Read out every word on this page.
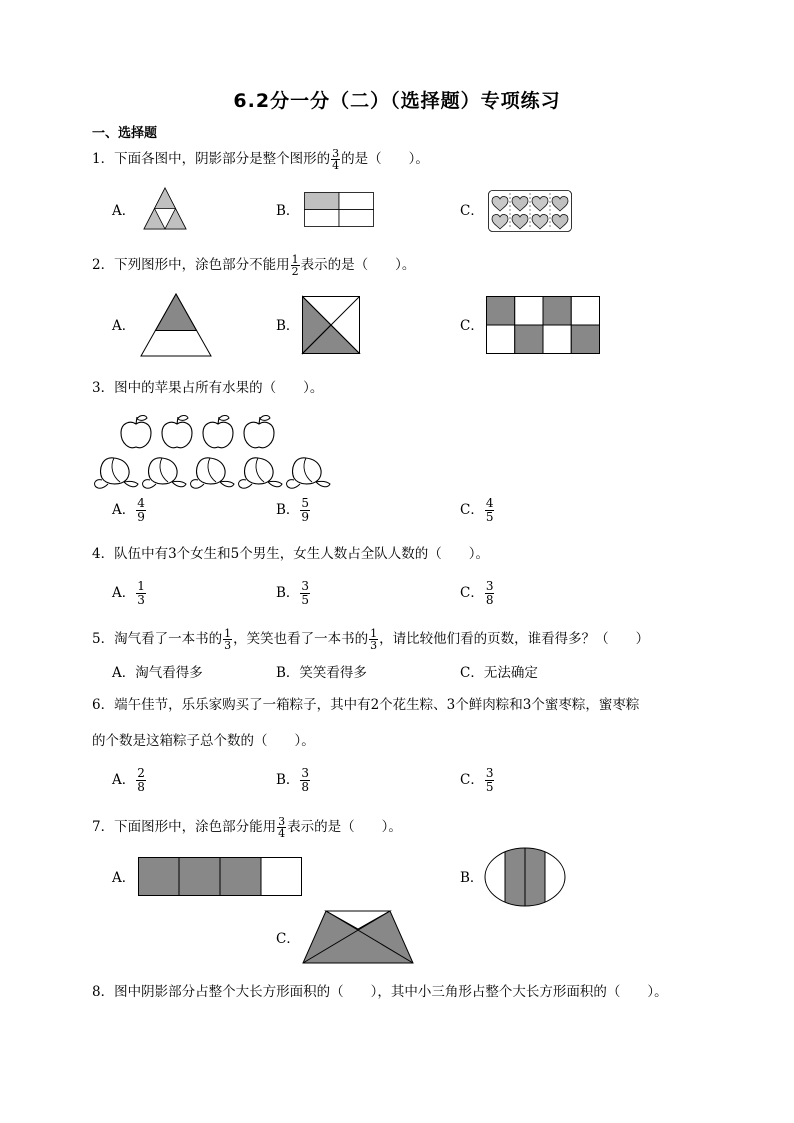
6.2分一分（二）（选择题）专项练习
一、选择题
1．下面各图中，阴影部分是整个图形的 $\frac{3}{4}$ 的是（　　）。
A．	B．	C．
2．下列图形中，涂色部分不能用 $\frac{1}{2}$ 表示的是（　　）。
A．	B．	C．
3．图中的苹果占所有水果的（　　）。
A． $\frac{4}{9}$	B． $\frac{5}{9}$	C． $\frac{4}{5}$
4．队伍中有3个女生和5个男生，女生人数占全队人数的（　　）。
A． $\frac{1}{3}$	B． $\frac{3}{5}$	C． $\frac{3}{8}$
5．淘气看了一本书的 $\frac{1}{3}$ ，笑笑也看了一本书的 $\frac{1}{3}$ ，请比较他们看的页数，谁看得多？（　　）
A．淘气看得多	B．笑笑看得多	C．无法确定
6．端午佳节，乐乐家购买了一箱粽子，其中有2个花生粽、3个鲜肉粽和3个蜜枣粽，蜜枣粽
的个数是这箱粽子总个数的（　　）。
A． $\frac{2}{8}$	B． $\frac{3}{8}$	C． $\frac{3}{5}$
7．下面图形中，涂色部分能用 $\frac{3}{4}$ 表示的是（　　）。
A．	B．
C．
8．图中阴影部分占整个大长方形面积的（　　），其中小三角形占整个大长方形面积的（　　）。
